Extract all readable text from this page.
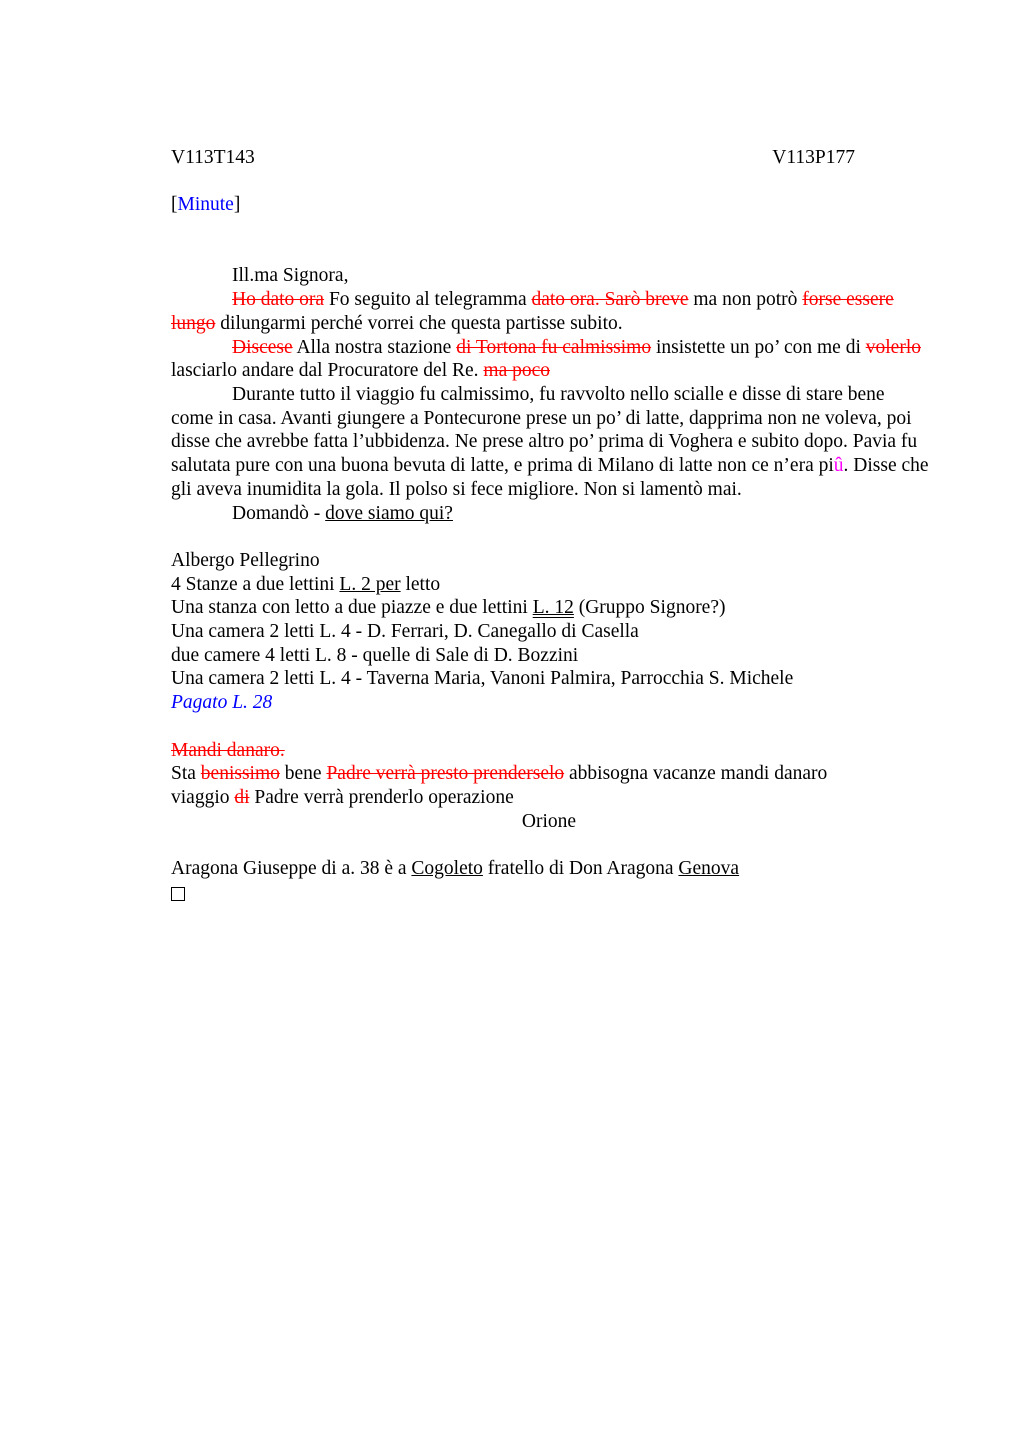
V113T143	V113P177
[Minute]
Ill.ma Signora,
Ho dato ora Fo seguito al telegramma dato ora. Sarò breve ma non potrò forse essere lungo dilungarmi perché vorrei che questa partisse subito.
Discese Alla nostra stazione di Tortona fu calmissimo insistette un po’ con me di volerlo lasciarlo andare dal Procuratore del Re. ma poco
Durante tutto il viaggio fu calmissimo, fu ravvolto nello scialle e disse di stare bene come in casa. Avanti giungere a Pontecurone prese un po’ di latte, dapprima non ne voleva, poi disse che avrebbe fatta l’ubbidenza. Ne prese altro po’ prima di Voghera e subito dopo. Pavia fu salutata pure con una buona bevuta di latte, e prima di Milano di latte non ce n’era piû. Disse che gli aveva inumidita la gola. Il polso si fece migliore. Non si lamentò mai.
Domandò - dove siamo qui?
Albergo Pellegrino
4 Stanze a due lettini L. 2 per letto
Una stanza con letto a due piazze e due lettini L. 12 (Gruppo Signore?)
Una camera 2 letti L. 4 - D. Ferrari, D. Canegallo di Casella
due camere 4 letti L. 8 - quelle di Sale di D. Bozzini
Una camera 2 letti L. 4 - Taverna Maria, Vanoni Palmira, Parrocchia S. Michele
Pagato L. 28
Mandi danaro.
Sta benissimo bene Padre verrà presto prenderselo abbisogna vacanze mandi danaro
viaggio di Padre verrà prenderlo operazione
Orione
Aragona Giuseppe di a. 38 è a Cogoleto fratello di Don Aragona Genova
